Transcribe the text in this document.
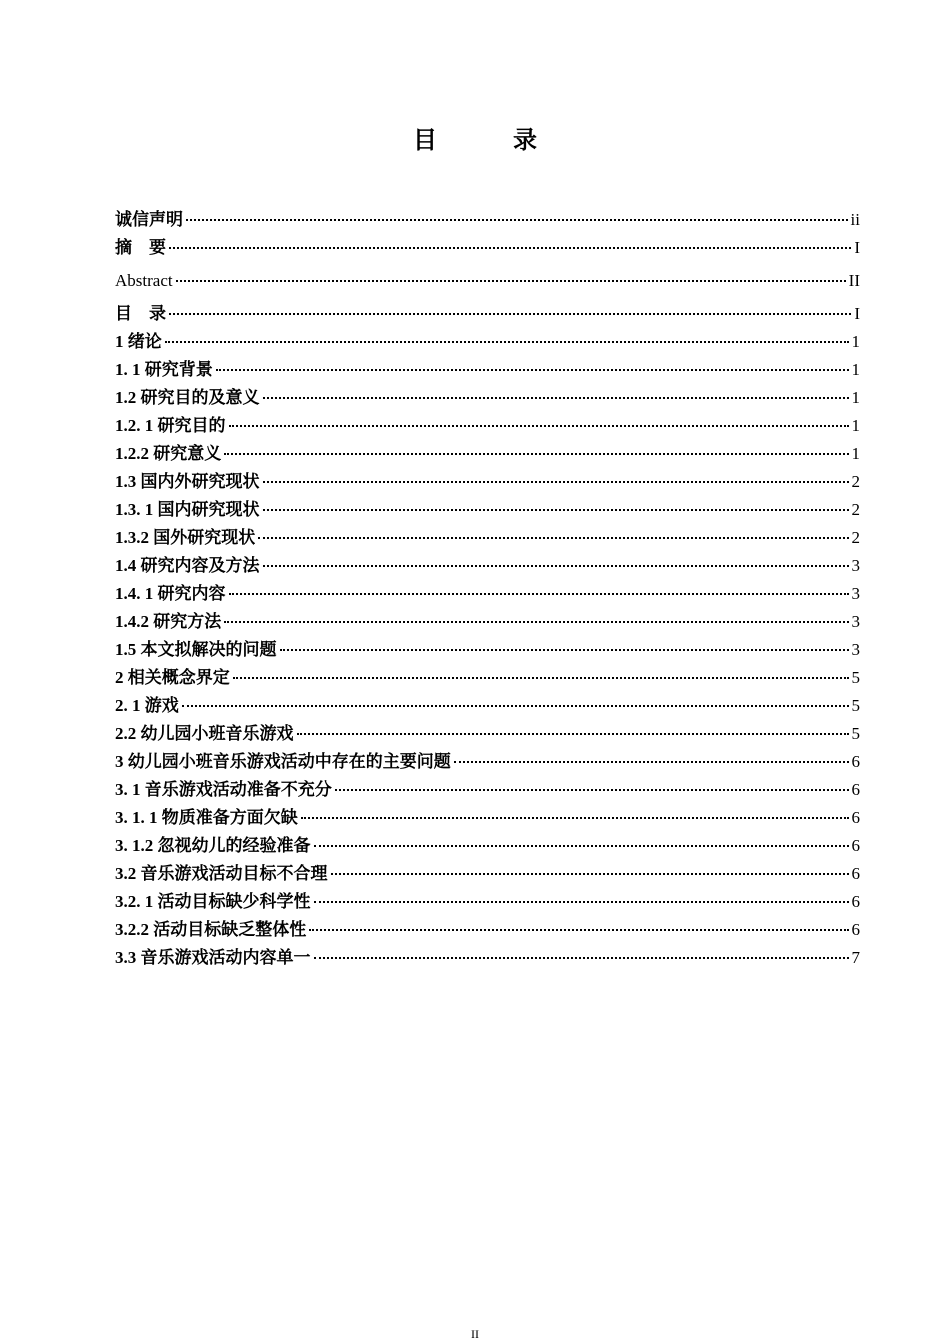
目　录
诚信声明	ii
摘　要	I
Abstract	II
目　录	I
1 绪论	1
1. 1 研究背景	1
1.2 研究目的及意义	1
1.2. 1 研究目的	1
1.2.2 研究意义	1
1.3 国内外研究现状	2
1.3. 1 国内研究现状	2
1.3.2 国外研究现状	2
1.4 研究内容及方法	3
1.4. 1 研究内容	3
1.4.2 研究方法	3
1.5 本文拟解决的问题	3
2 相关概念界定	5
2. 1 游戏	5
2.2 幼儿园小班音乐游戏	5
3 幼儿园小班音乐游戏活动中存在的主要问题	6
3. 1 音乐游戏活动准备不充分	6
3. 1. 1 物质准备方面欠缺	6
3. 1.2 忽视幼儿的经验准备	6
3.2 音乐游戏活动目标不合理	6
3.2. 1 活动目标缺少科学性	6
3.2.2 活动目标缺乏整体性	6
3.3 音乐游戏活动内容单一	7
II
